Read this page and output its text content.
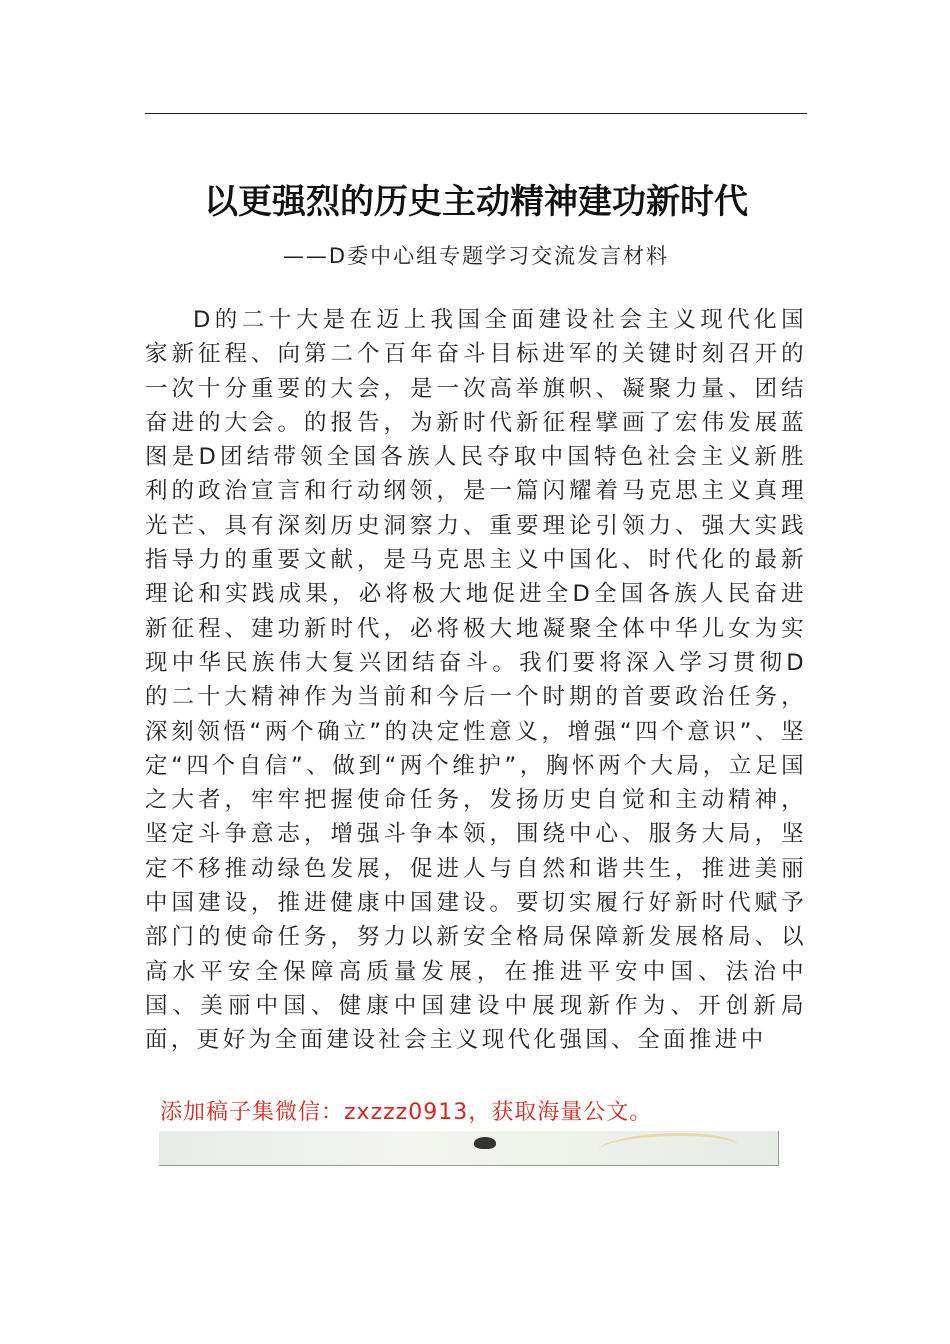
以更强烈的历史主动精神建功新时代
——D委中心组专题学习交流发言材料
D的二十大是在迈上我国全面建设社会主义现代化国家新征程、向第二个百年奋斗目标进军的关键时刻召开的一次十分重要的大会，是一次高举旗帜、凝聚力量、团结奋进的大会。的报告，为新时代新征程擘画了宏伟发展蓝图是D团结带领全国各族人民夺取中国特色社会主义新胜利的政治宣言和行动纲领，是一篇闪耀着马克思主义真理光芒、具有深刻历史洞察力、重要理论引领力、强大实践指导力的重要文献，是马克思主义中国化、时代化的最新理论和实践成果，必将极大地促进全D全国各族人民奋进新征程、建功新时代，必将极大地凝聚全体中华儿女为实现中华民族伟大复兴团结奋斗。我们要将深入学习贯彻D的二十大精神作为当前和今后一个时期的首要政治任务，深刻领悟“两个确立”的决定性意义，增强“四个意识”、坚定“四个自信”、做到“两个维护”，胸怀两个大局，立足国之大者，牢牢把握使命任务，发扬历史自觉和主动精神，坚定斗争意志，增强斗争本领，围绕中心、服务大局，坚定不移推动绿色发展，促进人与自然和谐共生，推进美丽中国建设，推进健康中国建设。要切实履行好新时代赋予部门的使命任务，努力以新安全格局保障新发展格局、以高水平安全保障高质量发展，在推进平安中国、法治中国、美丽中国、健康中国建设中展现新作为、开创新局面，更好为全面建设社会主义现代化强国、全面推进中
添加稿子集微信：zxzzz0913，获取海量公文。
